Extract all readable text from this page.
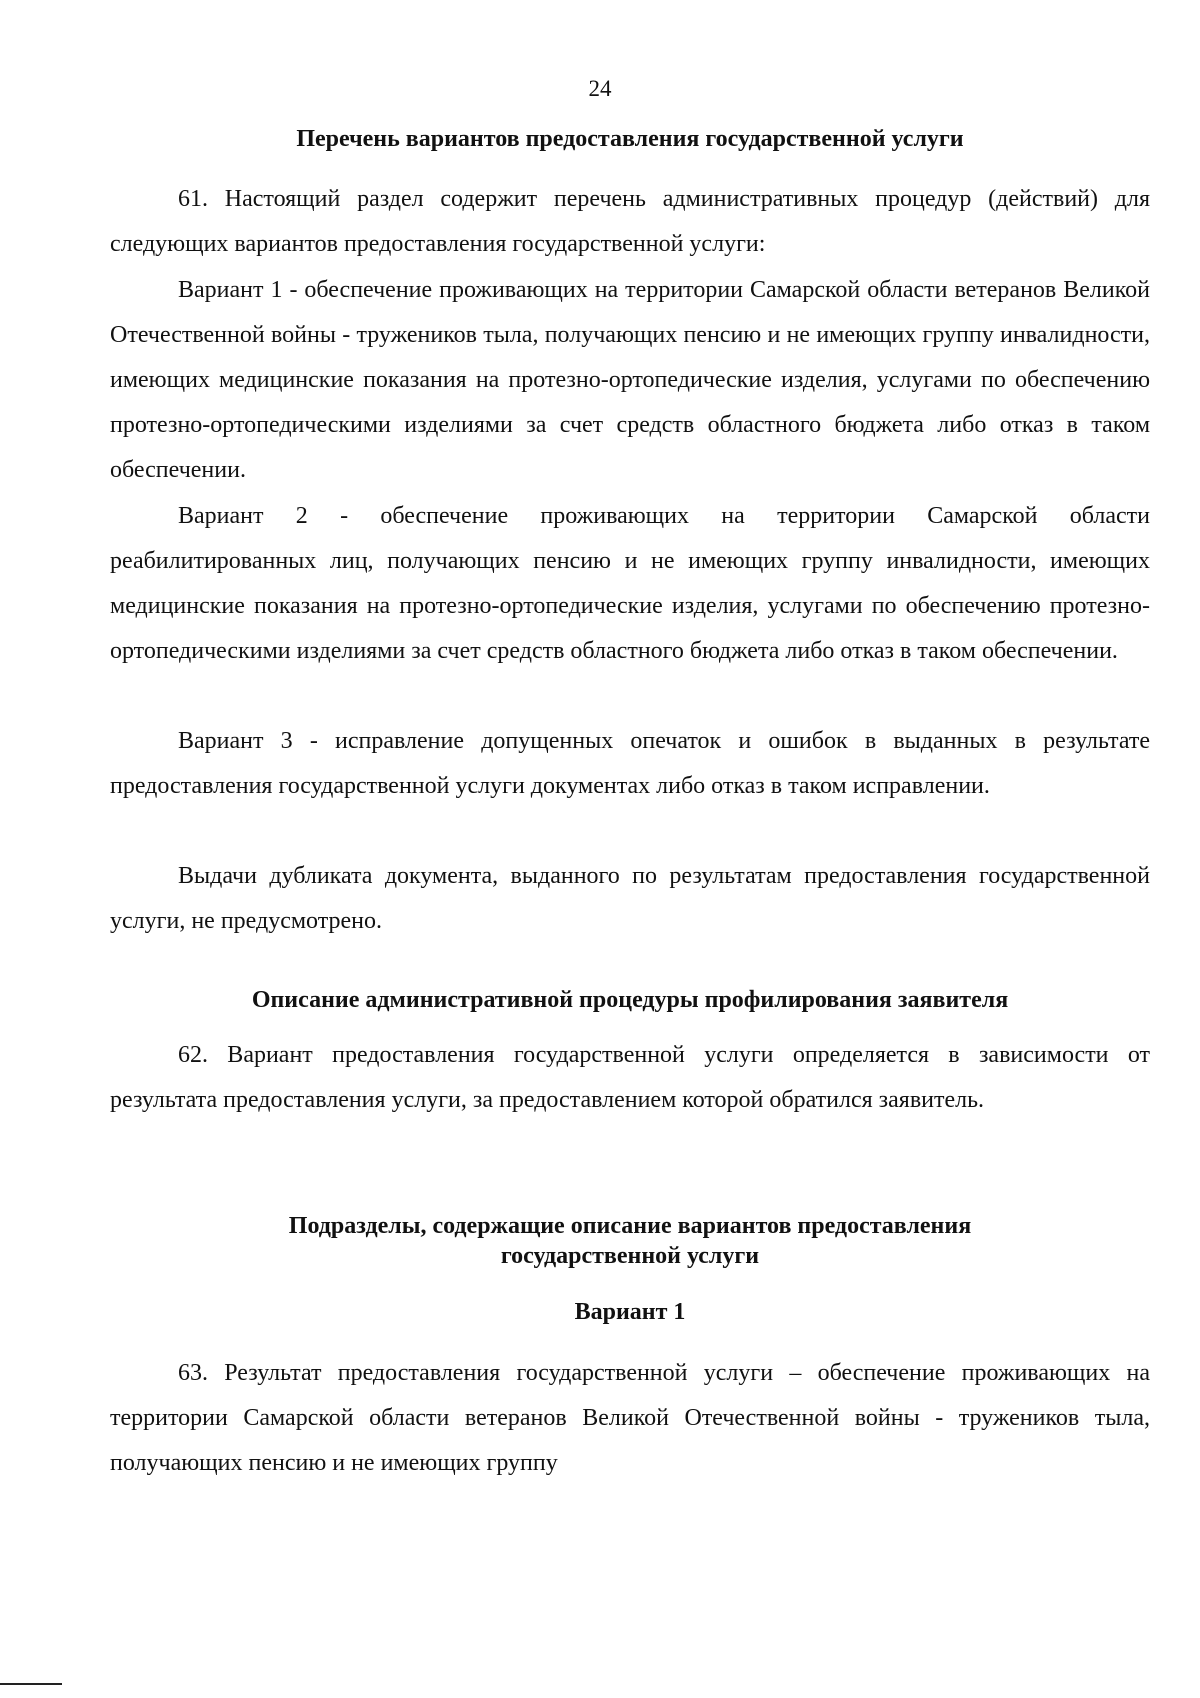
24
Перечень вариантов предоставления государственной услуги

61. Настоящий раздел содержит перечень административных процедур (действий) для следующих вариантов предоставления государственной услуги:

Вариант 1 - обеспечение проживающих на территории Самарской области ветеранов Великой Отечественной войны - тружеников тыла, получающих пенсию и не имеющих группу инвалидности, имеющих медицинские показания на протезно-ортопедические изделия, услугами по обеспечению протезно-ортопедическими изделиями за счет средств областного бюджета либо отказ в таком обеспечении.

Вариант 2 - обеспечение проживающих на территории Самарской области реабилитированных лиц, получающих пенсию и не имеющих группу инвалидности, имеющих медицинские показания на протезно-ортопедические изделия, услугами по обеспечению протезно-ортопедическими изделиями за счет средств областного бюджета либо отказ в таком обеспечении.

Вариант 3 - исправление допущенных опечаток и ошибок в выданных в результате предоставления государственной услуги документах либо отказ в таком исправлении.

Выдачи дубликата документа, выданного по результатам предоставления государственной услуги, не предусмотрено.

Описание административной процедуры профилирования заявителя

62. Вариант предоставления государственной услуги определяется в зависимости от результата предоставления услуги, за предоставлением которой обратился заявитель.

Подразделы, содержащие описание вариантов предоставления
государственной услуги
Вариант 1

63. Результат предоставления государственной услуги – обеспечение проживающих на территории Самарской области ветеранов Великой Отечественной войны - тружеников тыла, получающих пенсию и не имеющих группу
